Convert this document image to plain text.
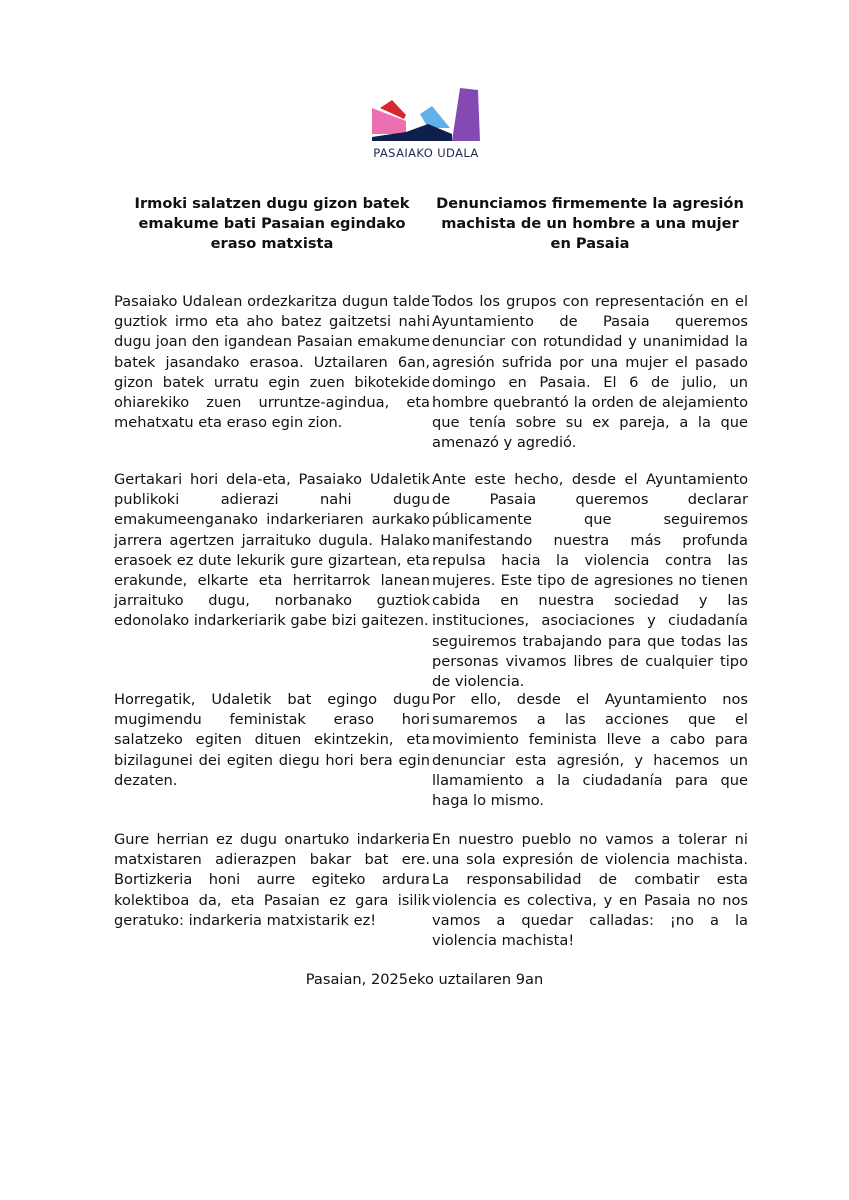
PASAIAKO UDALA
Irmoki salatzen dugu gizon batek emakume bati Pasaian egindako eraso matxista

Pasaiako Udalean ordezkaritza dugun talde guztiok irmo eta aho batez gaitzetsi nahi dugu joan den igandean Pasaian emakume batek jasandako erasoa. Uztailaren 6an, gizon batek urratu egin zuen bikotekide ohiarekiko zuen urruntze-agindua, eta mehatxatu eta eraso egin zion.

Gertakari hori dela-eta, Pasaiako Udaletik publikoki adierazi nahi dugu emakumeenganako indarkeriaren aurkako jarrera agertzen jarraituko dugula. Halako erasoek ez dute lekurik gure gizartean, eta erakunde, elkarte eta herritarrok lanean jarraituko dugu, norbanako guztiok edonolako indarkeriarik gabe bizi gaitezen.

Horregatik, Udaletik bat egingo dugu mugimendu feministak eraso hori salatzeko egiten dituen ekintzekin, eta bizilagunei dei egiten diegu hori bera egin dezaten.

Gure herrian ez dugu onartuko indarkeria matxistaren adierazpen bakar bat ere. Bortizkeria honi aurre egiteko ardura kolektiboa da, eta Pasaian ez gara isilik geratuko: indarkeria matxistarik ez!

Denunciamos firmemente la agresión machista de un hombre a una mujer en Pasaia

Todos los grupos con representación en el Ayuntamiento de Pasaia queremos denunciar con rotundidad y unanimidad la agresión sufrida por una mujer el pasado domingo en Pasaia. El 6 de julio, un hombre quebrantó la orden de alejamiento que tenía sobre su ex pareja, a la que amenazó y agredió.

Ante este hecho, desde el Ayuntamiento de Pasaia queremos declarar públicamente que seguiremos manifestando nuestra más profunda repulsa hacia la violencia contra las mujeres. Este tipo de agresiones no tienen cabida en nuestra sociedad y las instituciones, asociaciones y ciudadanía seguiremos trabajando para que todas las personas vivamos libres de cualquier tipo de violencia.

Por ello, desde el Ayuntamiento nos sumaremos a las acciones que el movimiento feminista lleve a cabo para denunciar esta agresión, y hacemos un llamamiento a la ciudadanía para que haga lo mismo.

En nuestro pueblo no vamos a tolerar ni una sola expresión de violencia machista. La responsabilidad de combatir esta violencia es colectiva, y en Pasaia no nos vamos a quedar calladas: ¡no a la violencia machista!

Pasaian, 2025eko uztailaren 9an
